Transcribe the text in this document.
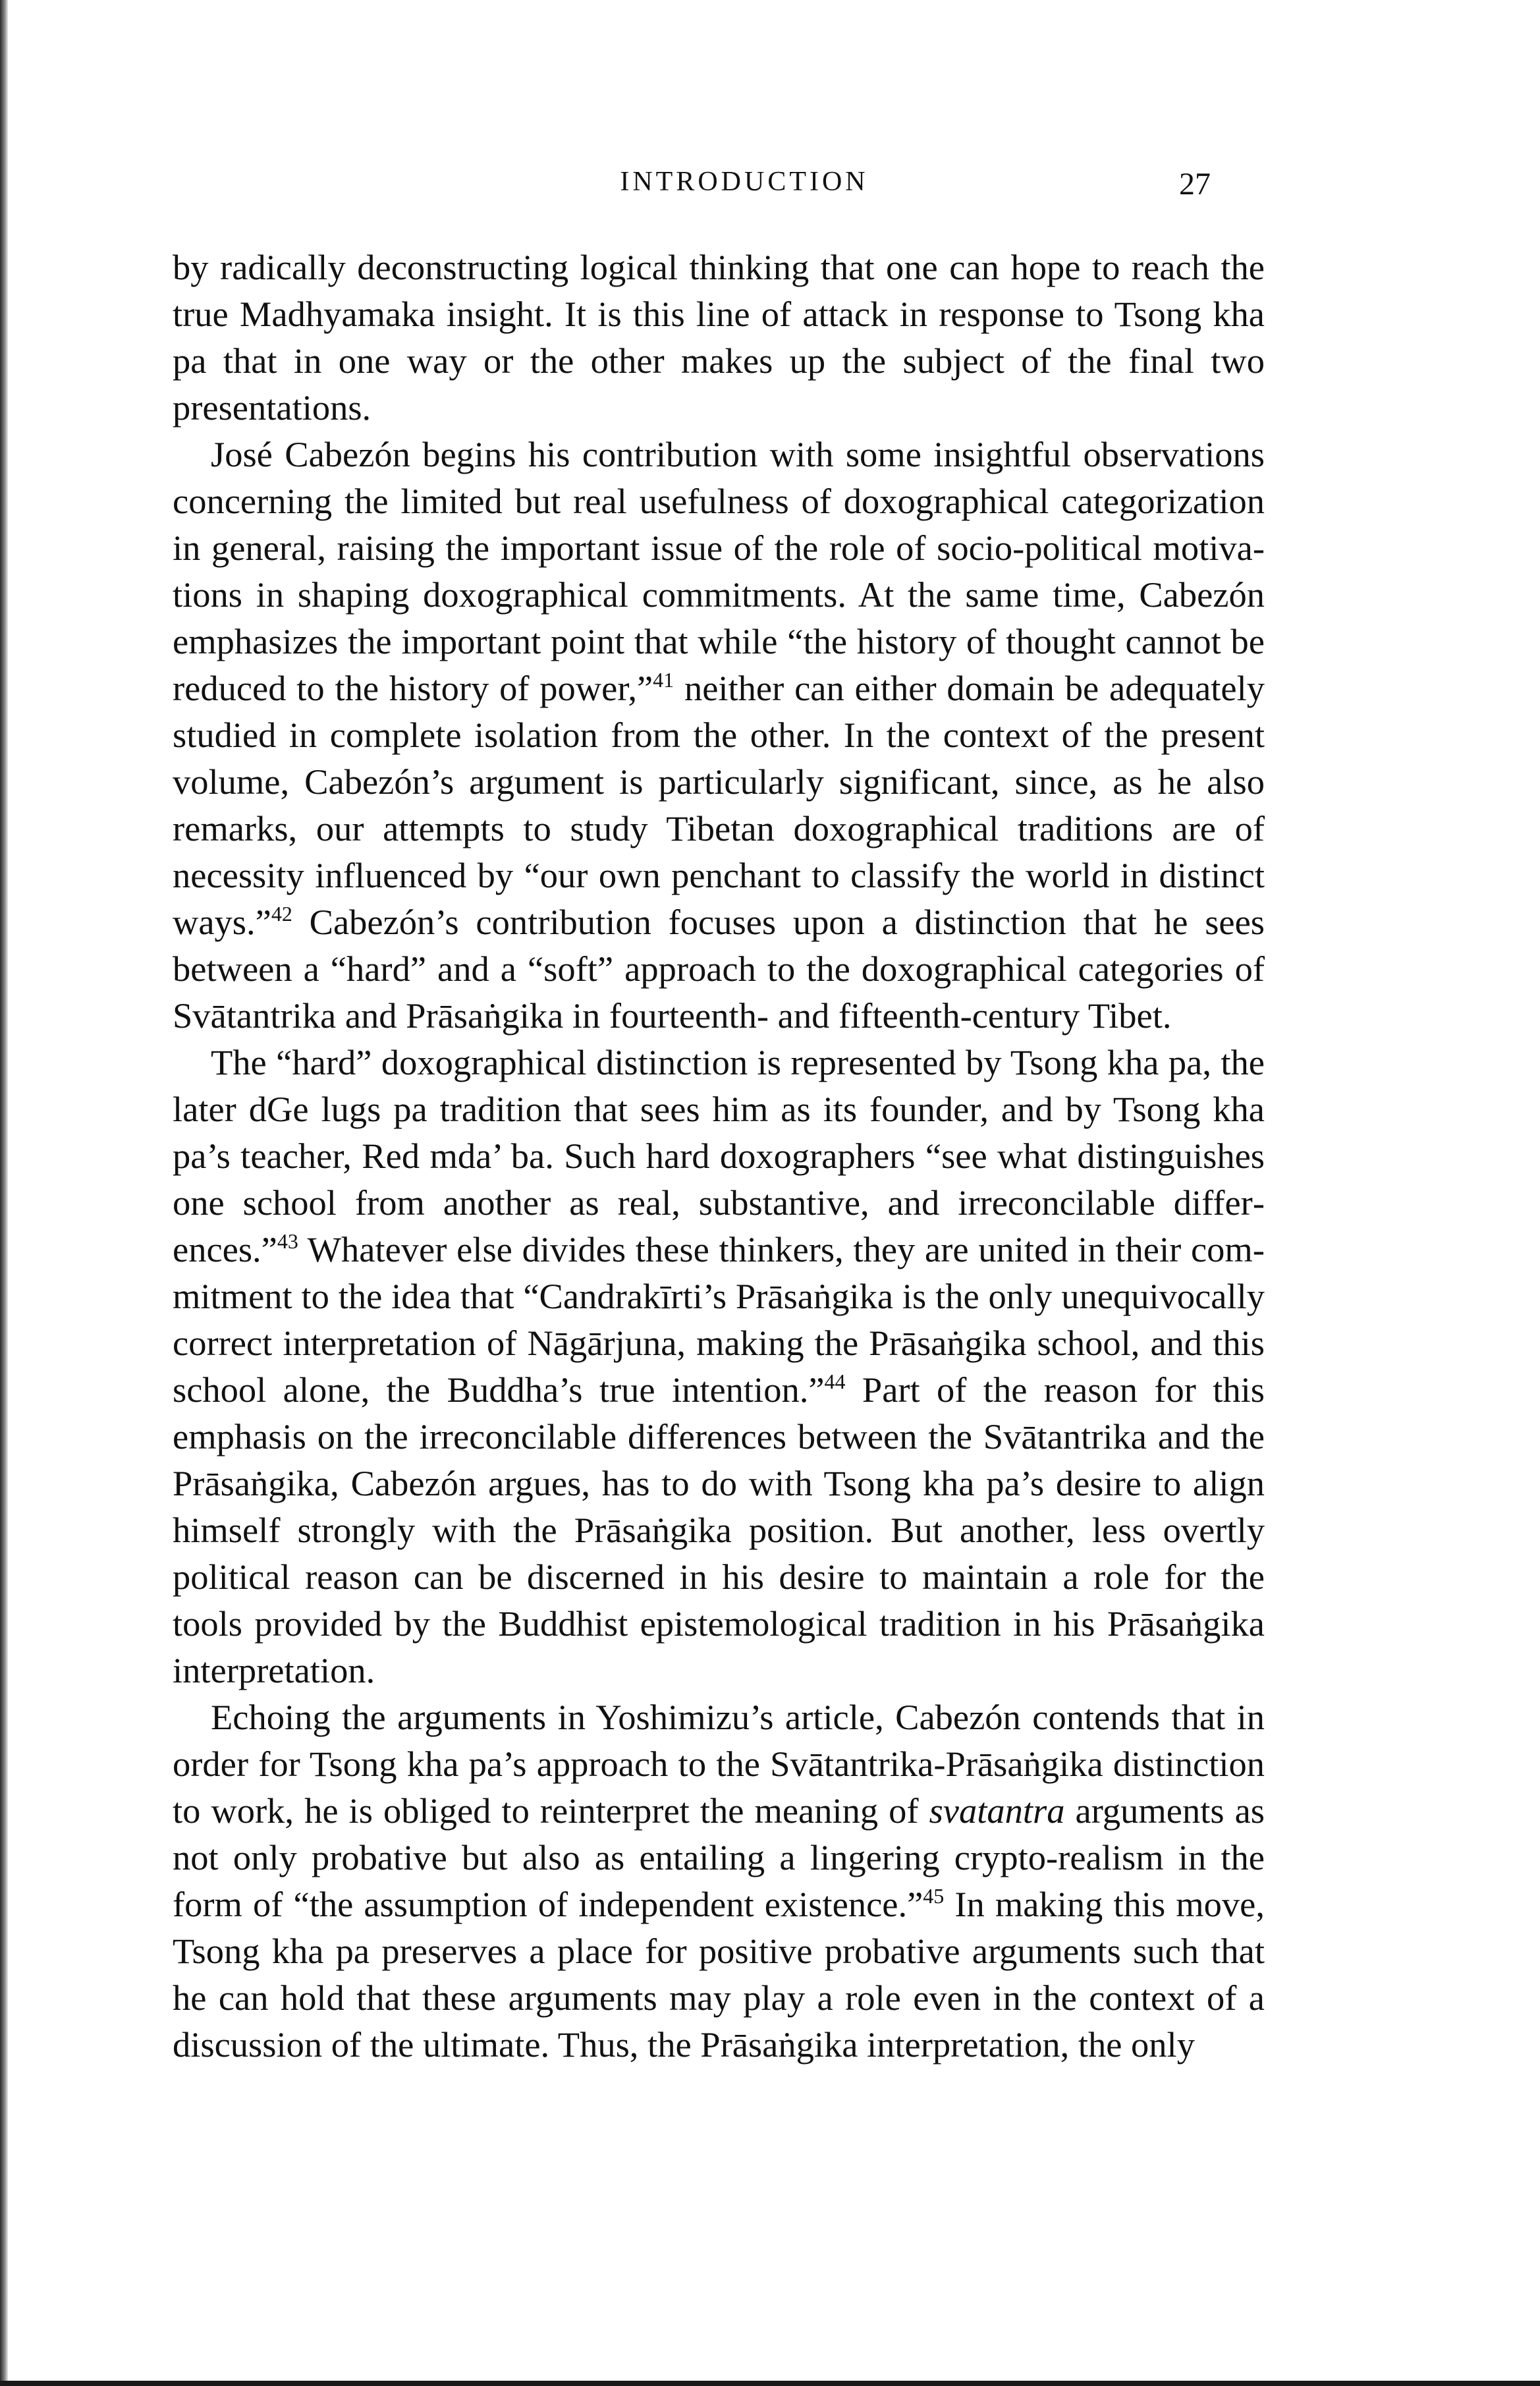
INTRODUCTION	27

by radically deconstructing logical thinking that one can hope to reach the true Madhyamaka insight. It is this line of attack in response to Tsong kha pa that in one way or the other makes up the subject of the final two presentations.

José Cabezón begins his contribution with some insightful observations concerning the limited but real usefulness of doxographical categorization in general, raising the important issue of the role of socio-political motivations in shaping doxographical commitments. At the same time, Cabezón emphasizes the important point that while “the history of thought cannot be reduced to the history of power,”$^{41}$ neither can either domain be adequately studied in complete isolation from the other. In the context of the present volume, Cabezón’s argument is particularly significant, since, as he also remarks, our attempts to study Tibetan doxographical traditions are of necessity influenced by “our own penchant to classify the world in distinct ways.”$^{42}$ Cabezón’s contribution focuses upon a distinction that he sees between a “hard” and a “soft” approach to the doxographical categories of Svātantrika and Prāsaṅgika in fourteenth- and fifteenth-century Tibet.

The “hard” doxographical distinction is represented by Tsong kha pa, the later dGe lugs pa tradition that sees him as its founder, and by Tsong kha pa’s teacher, Red mda’ ba. Such hard doxographers “see what distinguishes one school from another as real, substantive, and irreconcilable differences.”$^{43}$ Whatever else divides these thinkers, they are united in their commitment to the idea that “Candrakīrti’s Prāsaṅgika is the only unequivocally correct interpretation of Nāgārjuna, making the Prāsaṅgika school, and this school alone, the Buddha’s true intention.”$^{44}$ Part of the reason for this emphasis on the irreconcilable differences between the Svātantrika and the Prāsaṅgika, Cabezón argues, has to do with Tsong kha pa’s desire to align himself strongly with the Prāsaṅgika position. But another, less overtly political reason can be discerned in his desire to maintain a role for the tools provided by the Buddhist epistemological tradition in his Prāsaṅgika interpretation.

Echoing the arguments in Yoshimizu’s article, Cabezón contends that in order for Tsong kha pa’s approach to the Svātantrika-Prāsaṅgika distinction to work, he is obliged to reinterpret the meaning of svatantra arguments as not only probative but also as entailing a lingering crypto-realism in the form of “the assumption of independent existence.”$^{45}$ In making this move, Tsong kha pa preserves a place for positive probative arguments such that he can hold that these arguments may play a role even in the context of a discussion of the ultimate. Thus, the Prāsaṅgika interpretation, the only
